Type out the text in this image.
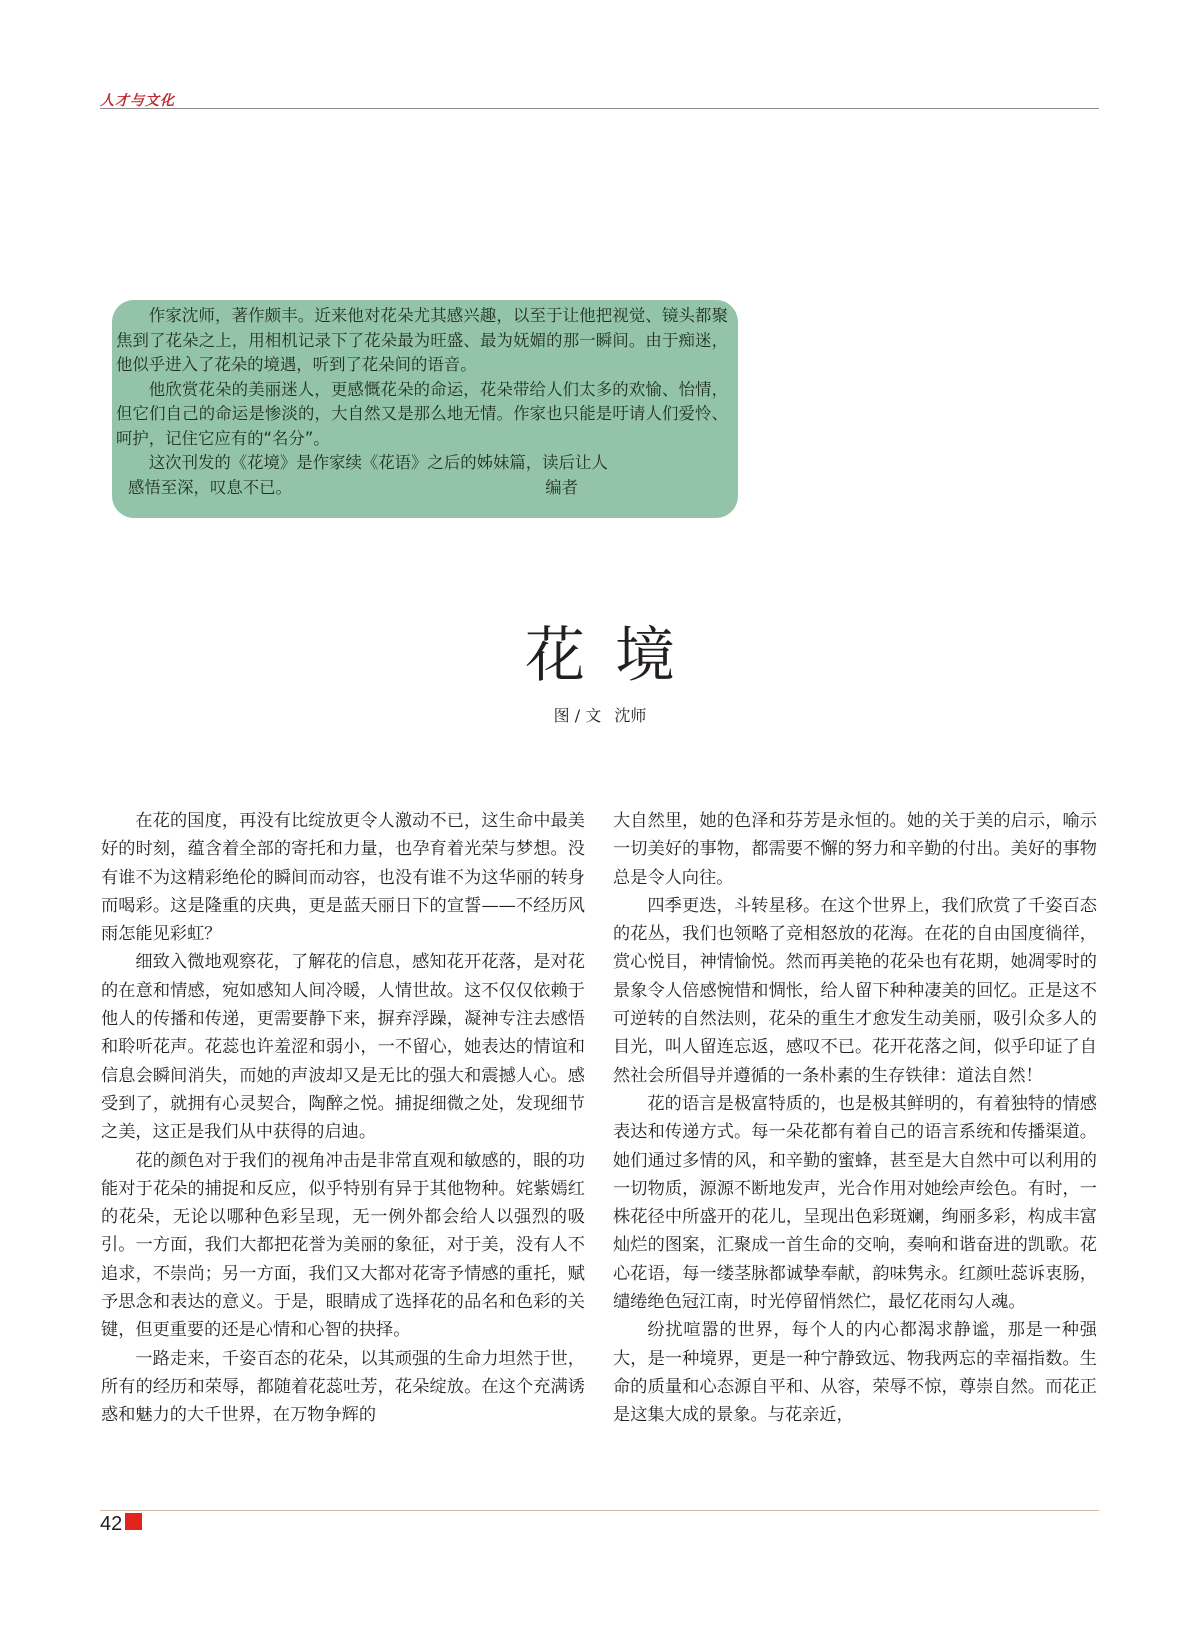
人才与文化

作家沈师，著作颇丰。近来他对花朵尤其感兴趣，以至于让他把视觉、镜头都聚焦到了花朵之上，用相机记录下了花朵最为旺盛、最为妩媚的那一瞬间。由于痴迷，他似乎进入了花朵的境遇，听到了花朵间的语音。

他欣赏花朵的美丽迷人，更感慨花朵的命运，花朵带给人们太多的欢愉、怡情，但它们自己的命运是惨淡的，大自然又是那么地无情。作家也只能是吁请人们爱怜、呵护，记住它应有的“名分”。

这次刊发的《花境》是作家续《花语》之后的姊妹篇，读后让人

感悟至深，叹息不已。	编者

花境
图 / 文 沈师

在花的国度，再没有比绽放更令人激动不已，这生命中最美好的时刻，蕴含着全部的寄托和力量，也孕育着光荣与梦想。没有谁不为这精彩绝伦的瞬间而动容，也没有谁不为这华丽的转身而喝彩。这是隆重的庆典，更是蓝天丽日下的宣誓——不经历风雨怎能见彩虹？

细致入微地观察花，了解花的信息，感知花开花落，是对花的在意和情感，宛如感知人间冷暖，人情世故。这不仅仅依赖于他人的传播和传递，更需要静下来，摒弃浮躁，凝神专注去感悟和聆听花声。花蕊也许羞涩和弱小，一不留心，她表达的情谊和信息会瞬间消失，而她的声波却又是无比的强大和震撼人心。感受到了，就拥有心灵契合，陶醉之悦。捕捉细微之处，发现细节之美，这正是我们从中获得的启迪。

花的颜色对于我们的视角冲击是非常直观和敏感的，眼的功能对于花朵的捕捉和反应，似乎特别有异于其他物种。姹紫嫣红的花朵，无论以哪种色彩呈现，无一例外都会给人以强烈的吸引。一方面，我们大都把花誉为美丽的象征，对于美，没有人不追求，不崇尚；另一方面，我们又大都对花寄予情感的重托，赋予思念和表达的意义。于是，眼睛成了选择花的品名和色彩的关键，但更重要的还是心情和心智的抉择。

一路走来，千姿百态的花朵，以其顽强的生命力坦然于世，所有的经历和荣辱，都随着花蕊吐芳，花朵绽放。在这个充满诱惑和魅力的大千世界，在万物争辉的

大自然里，她的色泽和芬芳是永恒的。她的关于美的启示，喻示一切美好的事物，都需要不懈的努力和辛勤的付出。美好的事物总是令人向往。

四季更迭，斗转星移。在这个世界上，我们欣赏了千姿百态的花丛，我们也领略了竞相怒放的花海。在花的自由国度徜徉，赏心悦目，神情愉悦。然而再美艳的花朵也有花期，她凋零时的景象令人倍感惋惜和惆怅，给人留下种种凄美的回忆。正是这不可逆转的自然法则，花朵的重生才愈发生动美丽，吸引众多人的目光，叫人留连忘返，感叹不已。花开花落之间，似乎印证了自然社会所倡导并遵循的一条朴素的生存铁律：道法自然！

花的语言是极富特质的，也是极其鲜明的，有着独特的情感表达和传递方式。每一朵花都有着自己的语言系统和传播渠道。她们通过多情的风，和辛勤的蜜蜂，甚至是大自然中可以利用的一切物质，源源不断地发声，光合作用对她绘声绘色。有时，一株花径中所盛开的花儿，呈现出色彩斑斓，绚丽多彩，构成丰富灿烂的图案，汇聚成一首生命的交响，奏响和谐奋进的凯歌。花心花语，每一缕茎脉都诚挚奉献，韵味隽永。红颜吐蕊诉衷肠，缱绻绝色冠江南，时光停留悄然伫，最忆花雨勾人魂。

纷扰喧嚣的世界，每个人的内心都渴求静谧，那是一种强大，是一种境界，更是一种宁静致远、物我两忘的幸福指数。生命的质量和心态源自平和、从容，荣辱不惊，尊崇自然。而花正是这集大成的景象。与花亲近，

42
